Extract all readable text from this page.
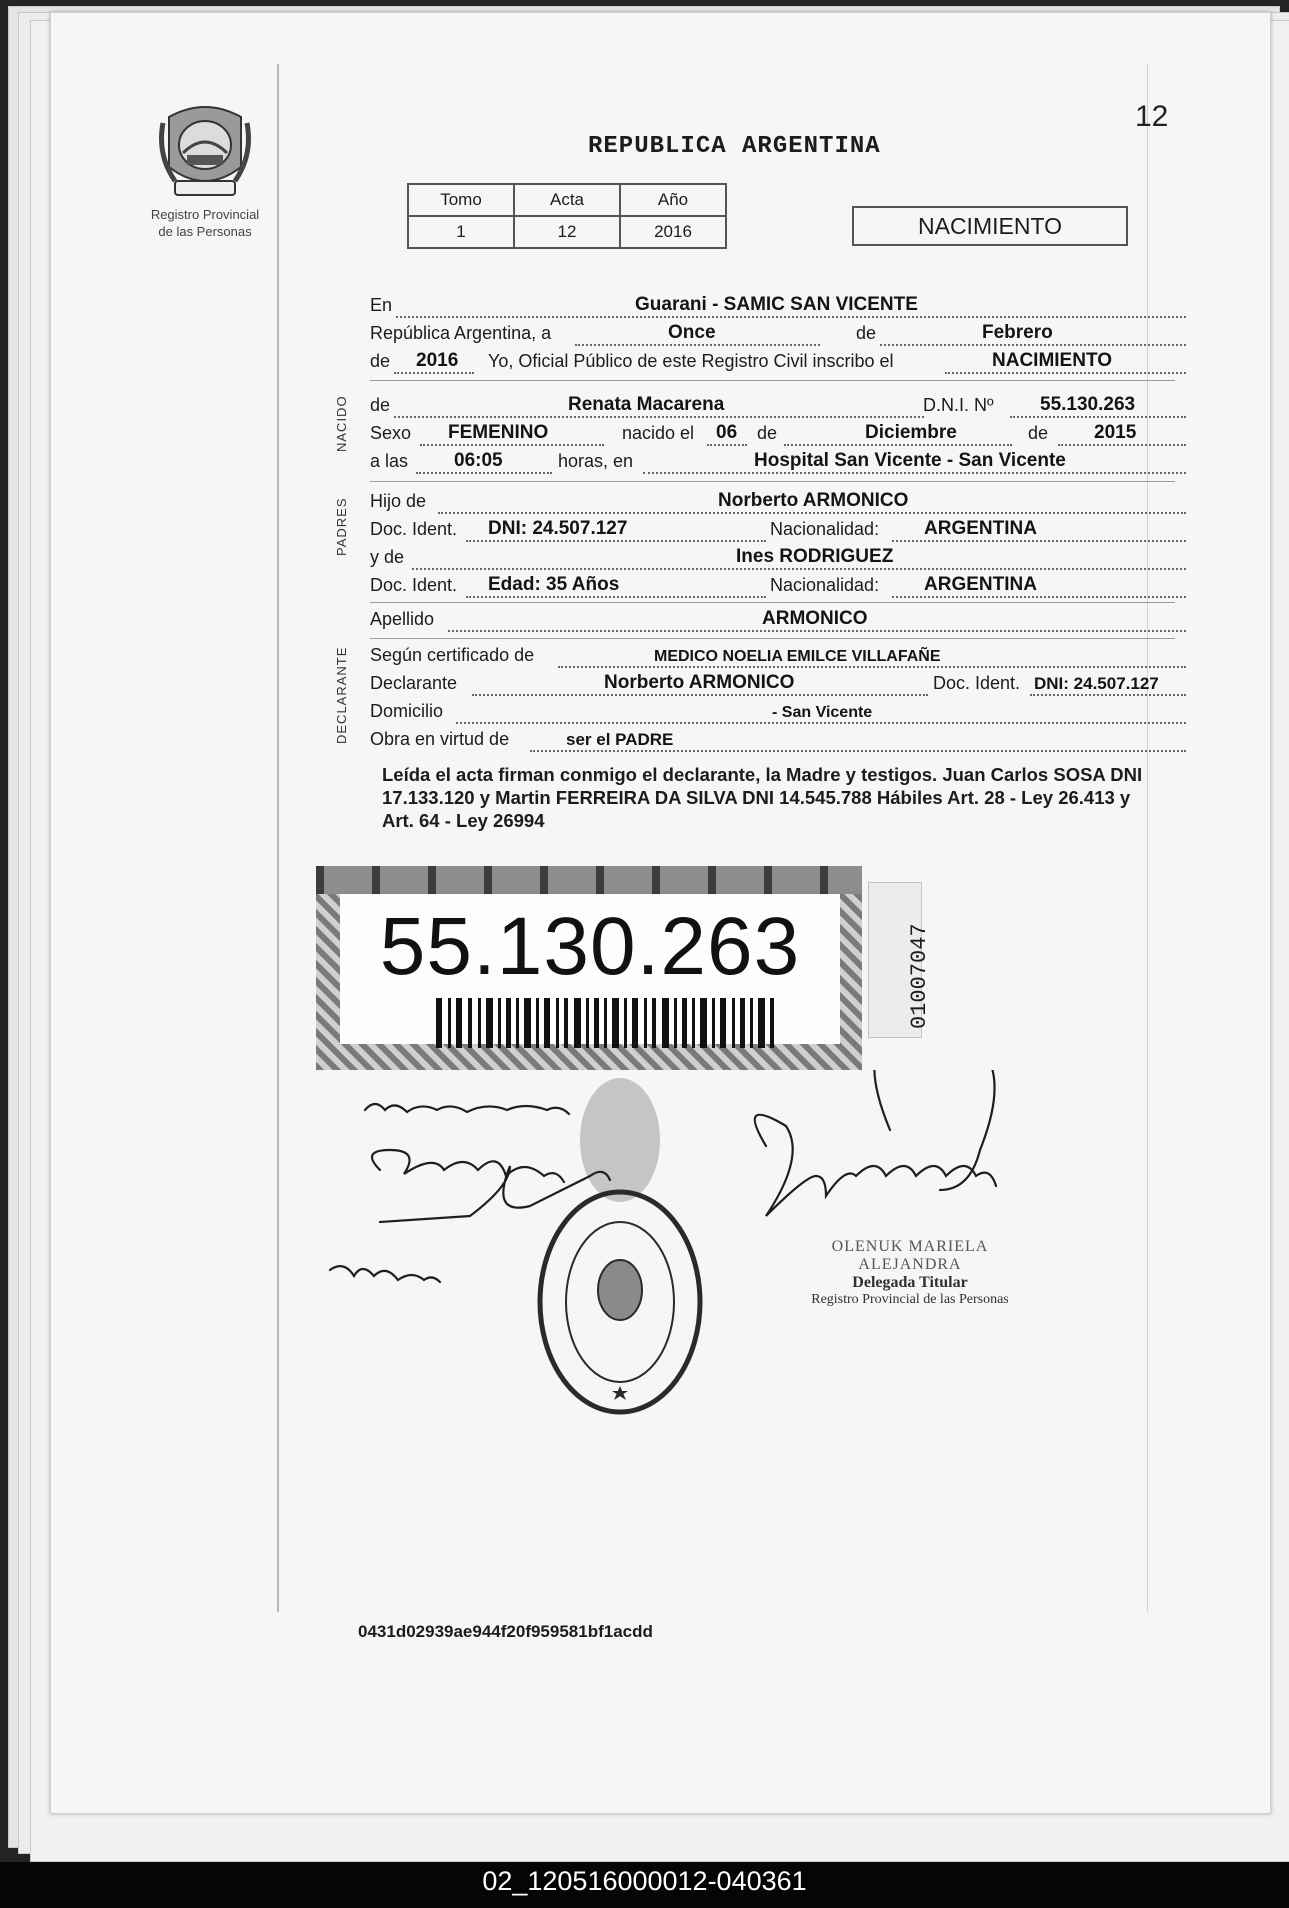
Registro Provincial
de las Personas
12
REPUBLICA ARGENTINA
Tomo	Acta	Año
1	12	2016	NACIMIENTO
En	Guarani - SAMIC SAN VICENTE
República Argentina, a	Once	de	Febrero
de 2016 Yo, Oficial Público de este Registro Civil inscribo el	NACIMIENTO
NACIDO de	Renata Macarena	D.N.I. Nº 55.130.263
Sexo FEMENINO	nacido el 06 de	Diciembre	de 2015
a las 06:05	horas, en	Hospital San Vicente - San Vicente
PADRES Hijo de	Norberto ARMONICO
Doc. Ident. DNI: 24.507.127	Nacionalidad: ARGENTINA
y de	Ines RODRIGUEZ
Doc. Ident. Edad: 35 Años	Nacionalidad: ARGENTINA
Apellido	ARMONICO
DECLARANTE Según certificado de	MEDICO NOELIA EMILCE VILLAFAÑE
Declarante	Norberto ARMONICO	Doc. Ident. DNI: 24.507.127
Domicilio	- San Vicente
Obra en virtud de	ser el PADRE
Leída el acta firman conmigo el declarante, la Madre y testigos. Juan Carlos SOSA DNI 17.133.120 y Martin FERREIRA DA SILVA DNI 14.545.788 Hábiles Art. 28 - Ley 26.413 y Art. 64 - Ley 26994
55.130.263	01007047
OLENUK MARIELA ALEJANDRA
Delegada Titular
Registro Provincial de las Personas
0431d02939ae944f20f959581bf1acdd
02_120516000012-040361
